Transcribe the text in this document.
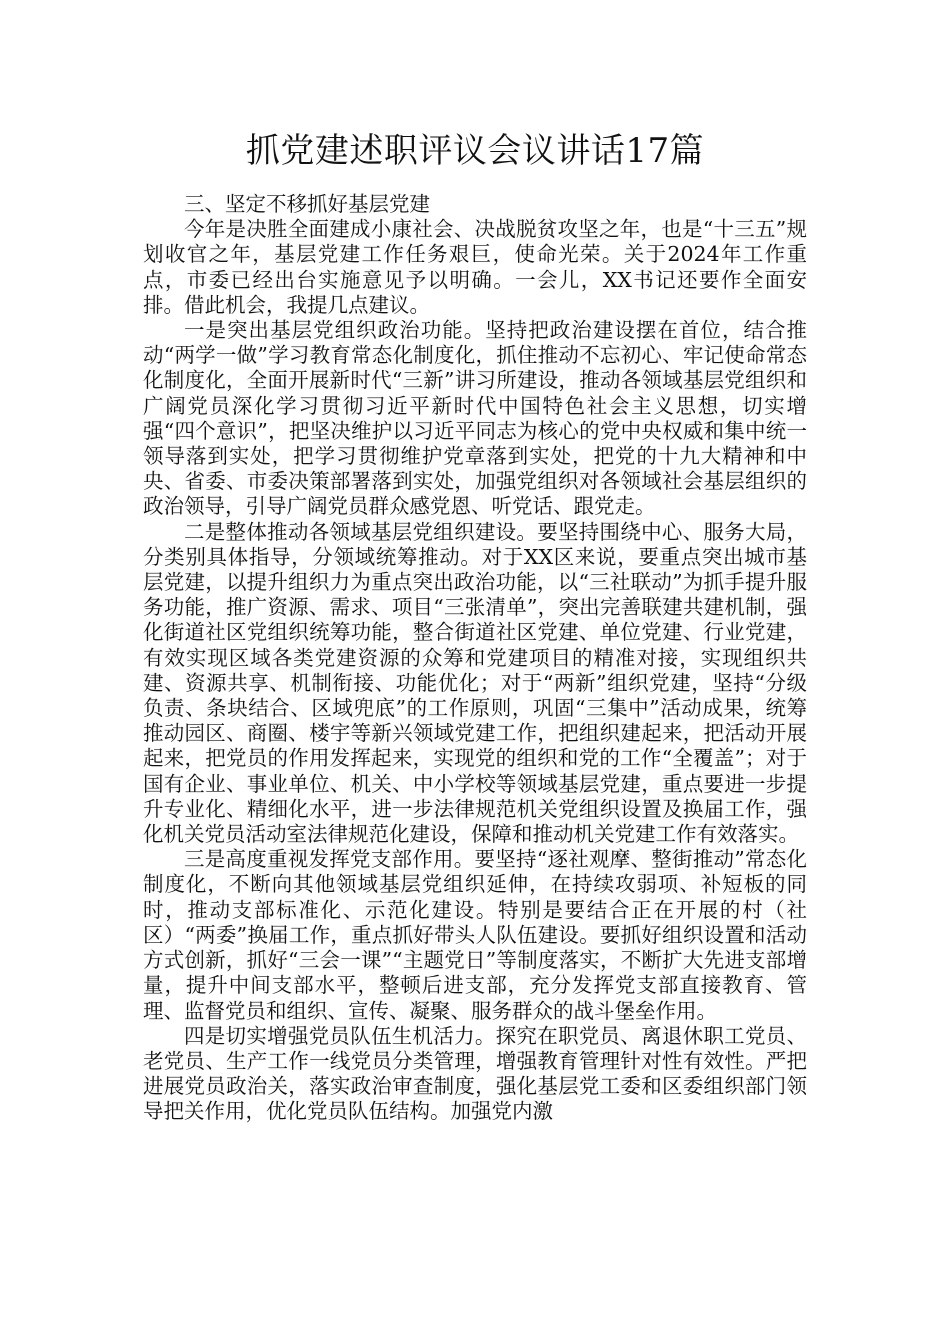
抓党建述职评议会议讲话17篇

三、坚定不移抓好基层党建

今年是决胜全面建成小康社会、决战脱贫攻坚之年，也是“十三五”规划收官之年，基层党建工作任务艰巨，使命光荣。关于2024年工作重点，市委已经出台实施意见予以明确。一会儿，XX书记还要作全面安排。借此机会，我提几点建议。

一是突出基层党组织政治功能。坚持把政治建设摆在首位，结合推动“两学一做”学习教育常态化制度化，抓住推动不忘初心、牢记使命常态化制度化，全面开展新时代“三新”讲习所建设，推动各领域基层党组织和广阔党员深化学习贯彻习近平新时代中国特色社会主义思想，切实增强“四个意识”，把坚决维护以习近平同志为核心的党中央权威和集中统一领导落到实处，把学习贯彻维护党章落到实处，把党的十九大精神和中央、省委、市委决策部署落到实处，加强党组织对各领域社会基层组织的政治领导，引导广阔党员群众感党恩、听党话、跟党走。

二是整体推动各领域基层党组织建设。要坚持围绕中心、服务大局，分类别具体指导，分领域统筹推动。对于XX区来说，要重点突出城市基层党建，以提升组织力为重点突出政治功能，以“三社联动”为抓手提升服务功能，推广资源、需求、项目“三张清单”，突出完善联建共建机制，强化街道社区党组织统筹功能，整合街道社区党建、单位党建、行业党建，有效实现区域各类党建资源的众筹和党建项目的精准对接，实现组织共建、资源共享、机制衔接、功能优化；对于“两新”组织党建，坚持“分级负责、条块结合、区域兜底”的工作原则，巩固“三集中”活动成果，统筹推动园区、商圈、楼宇等新兴领域党建工作，把组织建起来，把活动开展起来，把党员的作用发挥起来，实现党的组织和党的工作“全覆盖”；对于国有企业、事业单位、机关、中小学校等领域基层党建，重点要进一步提升专业化、精细化水平，进一步法律规范机关党组织设置及换届工作，强化机关党员活动室法律规范化建设，保障和推动机关党建工作有效落实。

三是高度重视发挥党支部作用。要坚持“逐社观摩、整街推动”常态化制度化，不断向其他领域基层党组织延伸，在持续攻弱项、补短板的同时，推动支部标准化、示范化建设。特别是要结合正在开展的村（社区）“两委”换届工作，重点抓好带头人队伍建设。要抓好组织设置和活动方式创新，抓好“三会一课”“主题党日”等制度落实，不断扩大先进支部增量，提升中间支部水平，整顿后进支部，充分发挥党支部直接教育、管理、监督党员和组织、宣传、凝聚、服务群众的战斗堡垒作用。

四是切实增强党员队伍生机活力。探究在职党员、离退休职工党员、老党员、生产工作一线党员分类管理，增强教育管理针对性有效性。严把进展党员政治关，落实政治审查制度，强化基层党工委和区委组织部门领导把关作用，优化党员队伍结构。加强党内激
